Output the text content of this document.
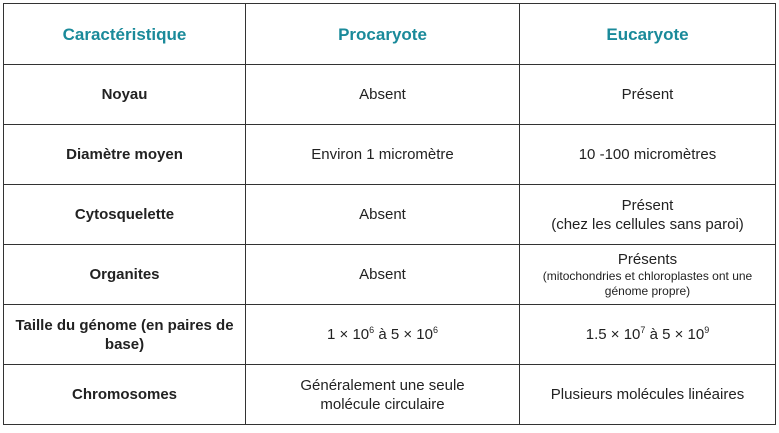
Caractéristique	Procaryote	Eucaryote
Noyau	Absent	Présent
Diamètre moyen	Environ 1 micromètre	10 -100 micromètres
Cytosquelette	Absent	Présent
(chez les cellules sans paroi)

Organites	Absent	Présents
(mitochondries et chloroplastes ont une génome propre)

Taille du génome (en paires de base)	$1 \times 10^6$ à $5 \times 10^6$	$1.5 \times 10^7$ à $5 \times 10^9$
Chromosomes	Généralement une seule molécule circulaire	Plusieurs molécules linéaires
